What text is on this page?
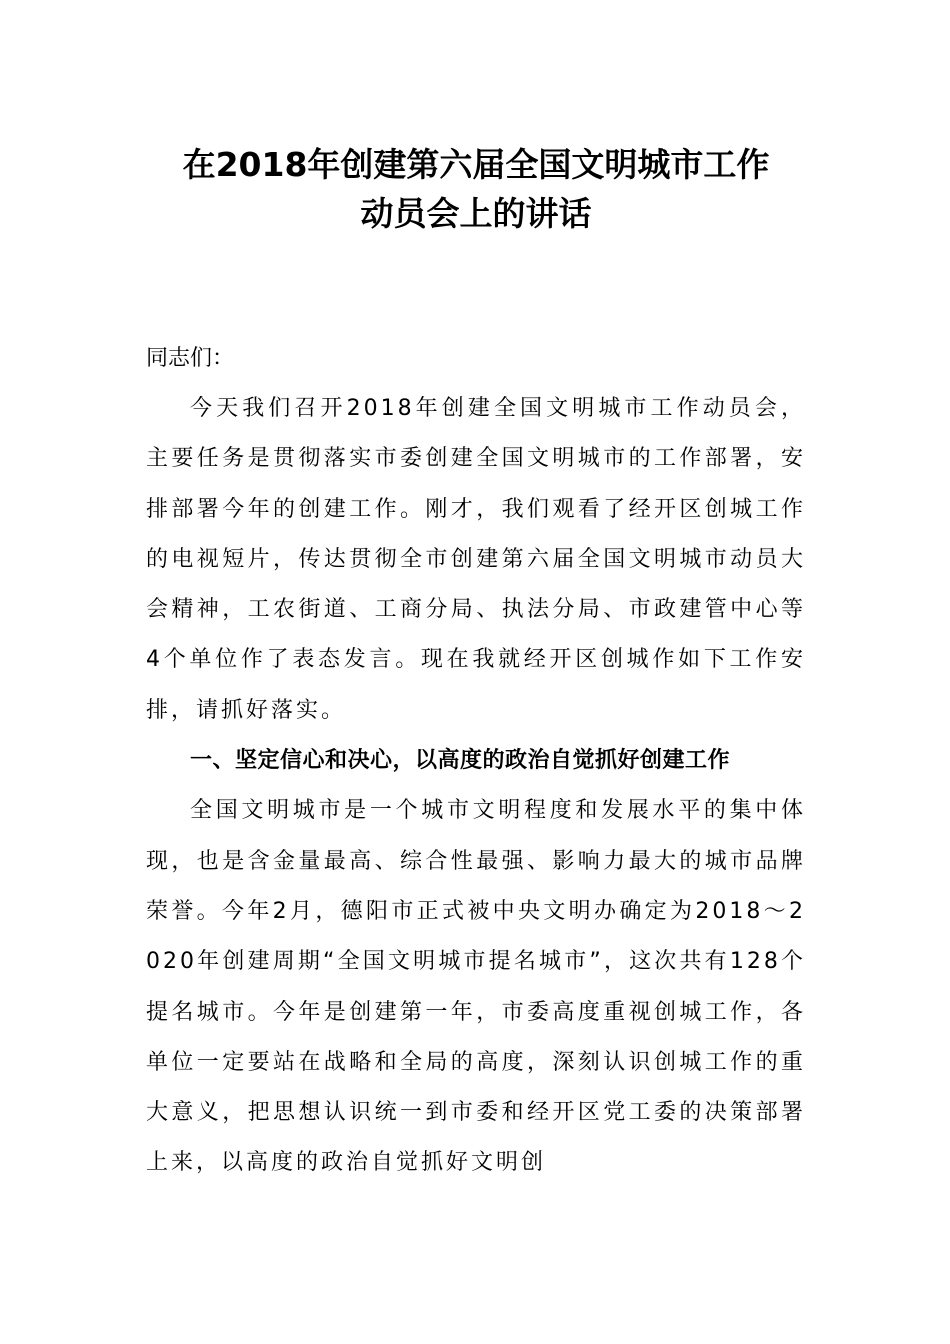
在2018年创建第六届全国文明城市工作
动员会上的讲话

同志们：

今天我们召开2018年创建全国文明城市工作动员会，主要任务是贯彻落实市委创建全国文明城市的工作部署，安排部署今年的创建工作。刚才，我们观看了经开区创城工作的电视短片，传达贯彻全市创建第六届全国文明城市动员大会精神，工农街道、工商分局、执法分局、市政建管中心等4个单位作了表态发言。现在我就经开区创城作如下工作安排，请抓好落实。

一、坚定信心和决心，以高度的政治自觉抓好创建工作

全国文明城市是一个城市文明程度和发展水平的集中体现，也是含金量最高、综合性最强、影响力最大的城市品牌荣誉。今年2月，德阳市正式被中央文明办确定为2018～2020年创建周期“全国文明城市提名城市”，这次共有128个提名城市。今年是创建第一年，市委高度重视创城工作，各单位一定要站在战略和全局的高度，深刻认识创城工作的重大意义，把思想认识统一到市委和经开区党工委的决策部署上来，以高度的政治自觉抓好文明创
